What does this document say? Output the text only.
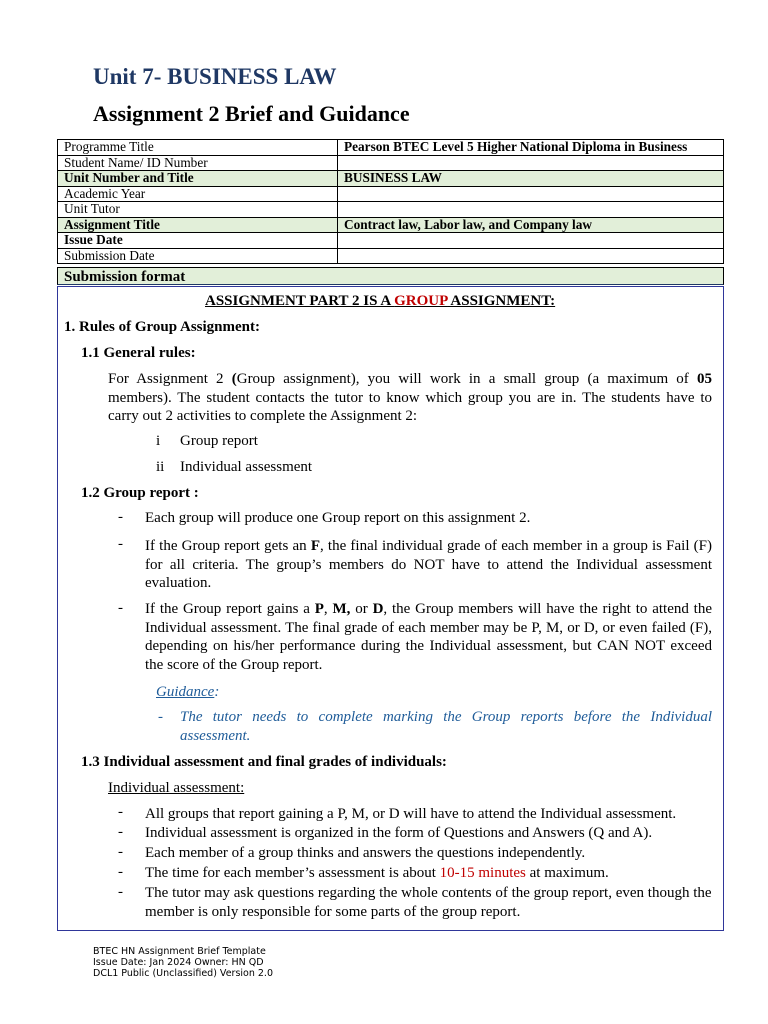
Unit 7- BUSINESS LAW
Assignment 2 Brief and Guidance
Programme Title	Pearson BTEC Level 5 Higher National Diploma in Business
Student Name/ ID Number	
Unit Number and Title	BUSINESS LAW
Academic Year	
Unit Tutor	
Assignment Title	Contract law, Labor law, and Company law
Issue Date	
Submission Date	
Submission format
ASSIGNMENT PART 2 IS A GROUP ASSIGNMENT:
1. Rules of Group Assignment:
1.1 General rules:
For Assignment 2 (Group assignment), you will work in a small group (a maximum of 05 members). The student contacts the tutor to know which group you are in. The students have to carry out 2 activities to complete the Assignment 2:
i Group report
ii Individual assessment
1.2 Group report :
- Each group will produce one Group report on this assignment 2.
- If the Group report gets an F, the final individual grade of each member in a group is Fail (F) for all criteria. The group’s members do NOT have to attend the Individual assessment evaluation.
- If the Group report gains a P, M, or D, the Group members will have the right to attend the Individual assessment. The final grade of each member may be P, M, or D, or even failed (F), depending on his/her performance during the Individual assessment, but CAN NOT exceed the score of the Group report.
Guidance:
- The tutor needs to complete marking the Group reports before the Individual assessment.
1.3 Individual assessment and final grades of individuals:
Individual assessment:
- All groups that report gaining a P, M, or D will have to attend the Individual assessment.
- Individual assessment is organized in the form of Questions and Answers (Q and A).
- Each member of a group thinks and answers the questions independently.
- The time for each member’s assessment is about 10-15 minutes at maximum.
- The tutor may ask questions regarding the whole contents of the group report, even though the member is only responsible for some parts of the group report.
BTEC HN Assignment Brief Template
Issue Date: Jan 2024 Owner: HN QD
DCL1 Public (Unclassified) Version 2.0
